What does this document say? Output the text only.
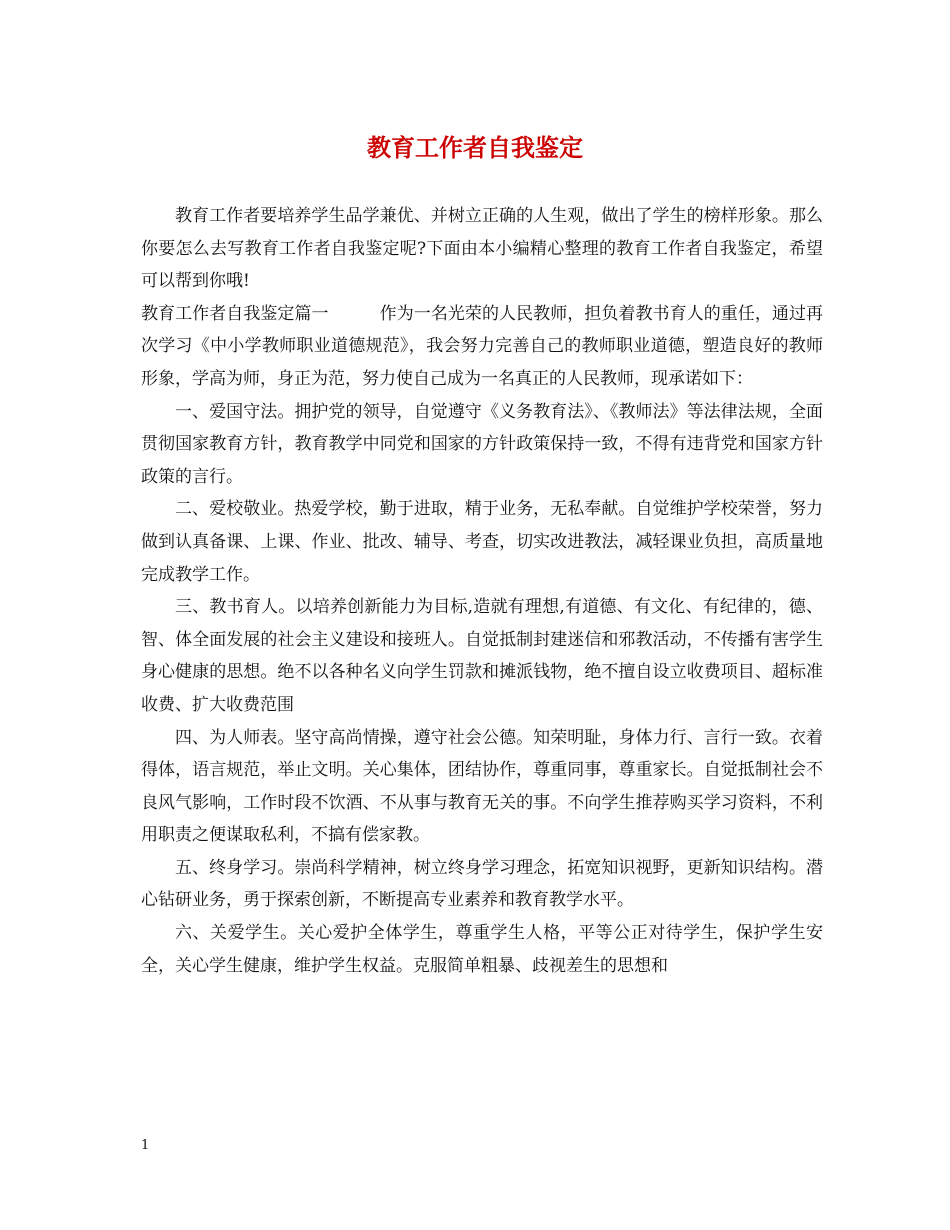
教育工作者自我鉴定

教育工作者要培养学生品学兼优、并树立正确的人生观，做出了学生的榜样形象。那么你要怎么去写教育工作者自我鉴定呢?下面由本小编精心整理的教育工作者自我鉴定，希望可以帮到你哦!

教育工作者自我鉴定篇一	作为一名光荣的人民教师，担负着教书育人的重任，通过再次学习《中小学教师职业道德规范》，我会努力完善自己的教师职业道德，塑造良好的教师形象，学高为师，身正为范，努力使自己成为一名真正的人民教师，现承诺如下：

一、爱国守法。拥护党的领导，自觉遵守《义务教育法》、《教师法》等法律法规，全面贯彻国家教育方针，教育教学中同党和国家的方针政策保持一致，不得有违背党和国家方针政策的言行。

二、爱校敬业。热爱学校，勤于进取，精于业务，无私奉献。自觉维护学校荣誉，努力做到认真备课、上课、作业、批改、辅导、考查，切实改进教法，减轻课业负担，高质量地完成教学工作。

三、教书育人。以培养创新能力为目标,造就有理想,有道德、有文化、有纪律的，德、智、体全面发展的社会主义建设和接班人。自觉抵制封建迷信和邪教活动，不传播有害学生身心健康的思想。绝不以各种名义向学生罚款和摊派钱物，绝不擅自设立收费项目、超标准收费、扩大收费范围

四、为人师表。坚守高尚情操，遵守社会公德。知荣明耻，身体力行、言行一致。衣着得体，语言规范，举止文明。关心集体，团结协作，尊重同事，尊重家长。自觉抵制社会不良风气影响，工作时段不饮酒、不从事与教育无关的事。不向学生推荐购买学习资料，不利用职责之便谋取私利，不搞有偿家教。

五、终身学习。崇尚科学精神，树立终身学习理念，拓宽知识视野，更新知识结构。潜心钻研业务，勇于探索创新，不断提高专业素养和教育教学水平。

六、关爱学生。关心爱护全体学生，尊重学生人格，平等公正对待学生，保护学生安全，关心学生健康，维护学生权益。克服简单粗暴、歧视差生的思想和

1
